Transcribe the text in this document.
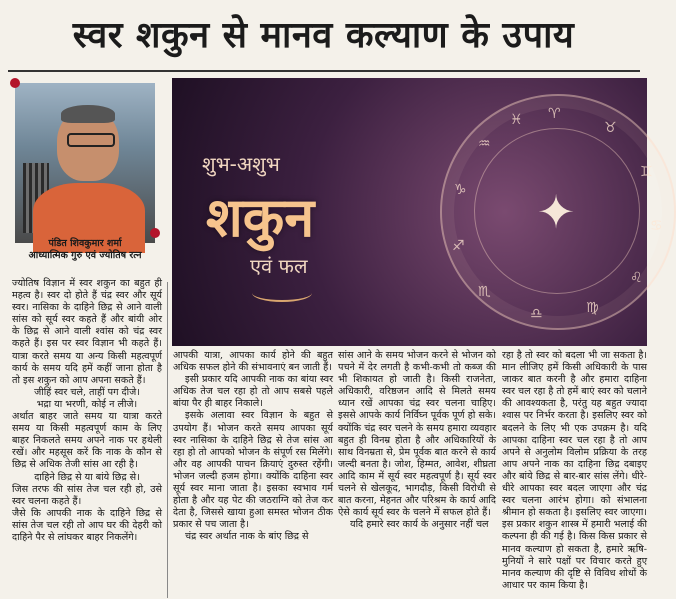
स्वर शकुन से मानव कल्याण के उपाय
पंडित शिवकुमार शर्मा
आध्यात्मिक गुरु एवं ज्योतिष रत्न
✦
♈
♉
♊
♋
♌
♍
♎
♏
♐
♑
♒
♓
शुभ-अशुभ
शकुन
एवं फल

ज्योतिष विज्ञान में स्वर शकुन का बहुत ही महत्व है। स्वर दो होते हैं चंद्र स्वर और सूर्य स्वर। नासिका के दाहिने छिद्र से आने वाली सांस को सूर्य स्वर कहते हैं और बांयी ओर के छिद्र से आने वाली श्वांस को चंद्र स्वर कहते हैं। इस पर स्वर विज्ञान भी कहते हैं। यात्रा करते समय या अन्य किसी महत्वपूर्ण कार्य के समय यदि हमें कहीं जाना होता है तो इस शकुन को आप अपना सकते हैं।

जीहिं स्वर चले, ताहीं पग दीजे।

भद्रा या भरणी, कोई न लीजे।

अर्थात बाहर जाते समय या यात्रा करते समय या किसी महत्वपूर्ण काम के लिए बाहर निकलते समय अपने नाक पर हथेली रखें। और महसूस करें कि नाक के कौन से छिद्र से अधिक तेजी सांस आ रही है।

दाहिने छिद्र से या बांये छिद्र से।

जिस तरफ की सांस तेज चल रही हो, उसे स्वर चलना कहते हैं।

जैसे कि आपकी नाक के दाहिने छिद्र से सांस तेज चल रही तो आप घर की देहरी को दाहिने पैर से लांघकर बाहर निकलेंगे।

आपकी यात्रा, आपका कार्य होने की बहुत अधिक सफल होने की संभावनाएं बन जाती हैं।

इसी प्रकार यदि आपकी नाक का बांया स्वर अधिक तेज चल रहा हो तो आप सबसे पहले बांया पैर ही बाहर निकाले।

इसके अलावा स्वर विज्ञान के बहुत से उपयोग हैं। भोजन करते समय आपका सूर्य स्वर नासिका के दाहिने छिद्र से तेज सांस आ रहा हो तो आपको भोजन के संपूर्ण रस मिलेंगे। और वह आपकी पाचन क्रियाएं दुरुस्त रहेंगी। भोजन जल्दी हजम होगा। क्योंकि दाहिना स्वर सूर्य स्वर माना जाता है। इसका स्वभाव गर्म होता है और यह पेट की जठराग्नि को तेज कर देता है, जिससे खाया हुआ समस्त भोजन ठीक प्रकार से पच जाता है।

चंद्र स्वर अर्थात नाक के बांए छिद्र से

सांस आने के समय भोजन करने से भोजन को पचने में देर लगती है कभी-कभी तो कब्ज की भी शिकायत हो जाती है। किसी राजनेता, अधिकारी, वरिष्ठजन आदि से मिलते समय ध्यान रखें आपका चंद्र स्वर चलना चाहिए। इससे आपके कार्य निर्विघ्न पूर्वक पूर्ण हो सके। क्योंकि चंद्र स्वर चलने के समय हमारा व्यवहार बहुत ही विनम्र होता है और अधिकारियों के साथ विनम्रता से, प्रेम पूर्वक बात करने से कार्य जल्दी बनता है। जोश, हिम्मत, आवेश, शीघ्रता आदि काम में सूर्य स्वर महत्वपूर्ण है। सूर्य स्वर चलने से खेलकूद, भागदौड़, किसी विरोधी से बात करना, मेहनत और परिश्रम के कार्य आदि ऐसे कार्य सूर्य स्वर के चलने में सफल होते हैं।

यदि हमारे स्वर कार्य के अनुसार नहीं चल

रहा है तो स्वर को बदला भी जा सकता है। मान लीजिए हमें किसी अधिकारी के पास जाकर बात करनी है और हमारा दाहिना स्वर चल रहा है तो हमें बाएं स्वर को चलाने की आवश्यकता है, परंतु यह बहुत ज्यादा श्वास पर निर्भर करता है। इसलिए स्वर को बदलने के लिए भी एक उपक्रम है। यदि आपका दाहिना स्वर चल रहा है तो आप अपने से अनुलोम विलोम प्रक्रिया के तरह आप अपने नाक का दाहिना छिद्र दबाइए और बांये छिद्र से बार-बार सांस लेंगे। धीरे-धीरे आपका स्वर बदल जाएगा और चंद्र स्वर चलना आरंभ होगा। को संभालना श्रीमान हो सकता है। इसलिए स्वर जाएगा। इस प्रकार शकुन शास्त्र में हमारी भलाई की कल्पना ही की गई है। किस किस प्रकार से मानव कल्याण हो सकता है, हमारे ऋषि-मुनियों ने सारे पक्षों पर विचार करते हुए मानव कल्याण की दृष्टि से विविध शोधों के आधार पर काम किया है।
